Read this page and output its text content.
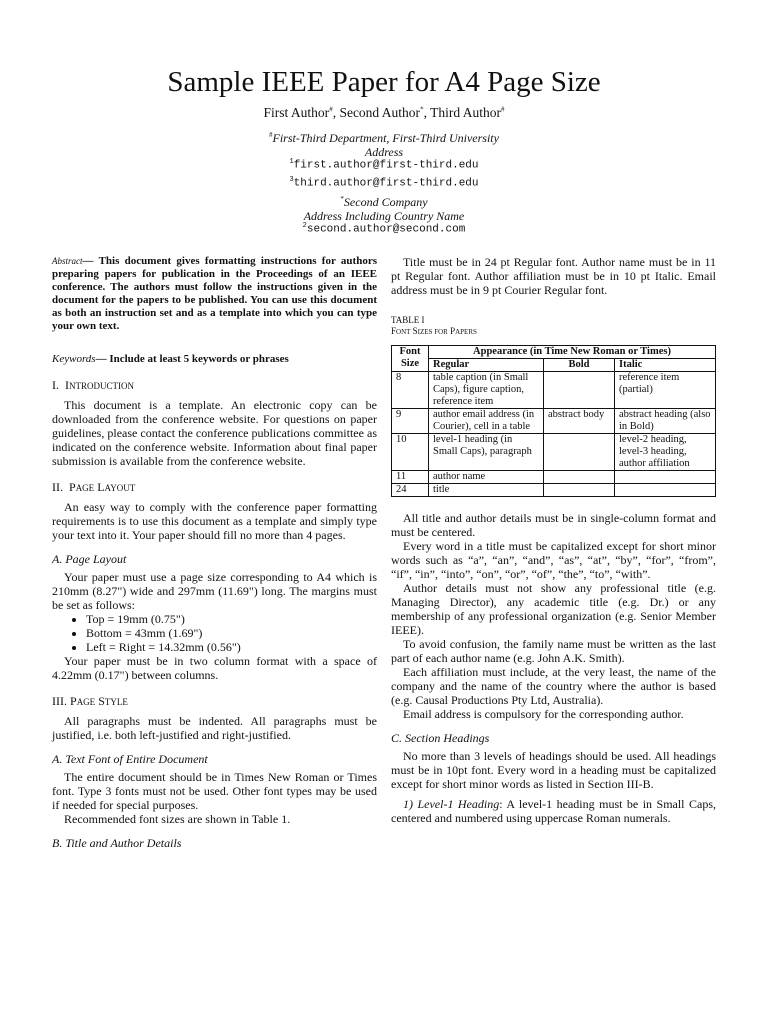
Sample IEEE Paper for A4 Page Size
First Author#, Second Author*, Third Author#
#First-Third Department, First-Third University
Address
$^1$first.author@first-third.edu
$^3$third.author@first-third.edu
*Second Company
Address Including Country Name
$^2$second.author@second.com

Abstract— This document gives formatting instructions for authors preparing papers for publication in the Proceedings of an IEEE conference. The authors must follow the instructions given in the document for the papers to be published. You can use this document as both an instruction set and as a template into which you can type your own text.

Keywords— Include at least 5 keywords or phrases

I. INTRODUCTION

This document is a template. An electronic copy can be downloaded from the conference website. For questions on paper guidelines, please contact the conference publications committee as indicated on the conference website. Information about final paper submission is available from the conference website.

II. PAGE LAYOUT

An easy way to comply with the conference paper formatting requirements is to use this document as a template and simply type your text into it. Your paper should fill no more than 4 pages.

A. Page Layout

Your paper must use a page size corresponding to A4 which is 210mm (8.27") wide and 297mm (11.69") long. The margins must be set as follows:

• Top = 19mm (0.75")
• Bottom = 43mm (1.69")
• Left = Right = 14.32mm (0.56")

Your paper must be in two column format with a space of 4.22mm (0.17") between columns.

III. PAGE STYLE

All paragraphs must be indented. All paragraphs must be justified, i.e. both left-justified and right-justified.

A. Text Font of Entire Document

The entire document should be in Times New Roman or Times font. Type 3 fonts must not be used. Other font types may be used if needed for special purposes.

Recommended font sizes are shown in Table 1.

B. Title and Author Details

Title must be in 24 pt Regular font. Author name must be in 11 pt Regular font. Author affiliation must be in 10 pt Italic. Email address must be in 9 pt Courier Regular font.

TABLE I

FONT SIZES FOR PAPERS

Font Size	Appearance (in Time New Roman or Times)		
	Regular	Bold	Italic
8	table caption (in Small Caps), figure caption, reference item		reference item (partial)
9	author email address (in Courier), cell in a table	abstract body	abstract heading (also in Bold)
10	level-1 heading (in Small Caps), paragraph		level-2 heading, level-3 heading, author affiliation
11	author name		
24	title		

All title and author details must be in single-column format and must be centered.

Every word in a title must be capitalized except for short minor words such as “a”, “an”, “and”, “as”, “at”, “by”, “for”, “from”, “if”, “in”, “into”, “on”, “or”, “of”, “the”, “to”, “with”.

Author details must not show any professional title (e.g. Managing Director), any academic title (e.g. Dr.) or any membership of any professional organization (e.g. Senior Member IEEE).

To avoid confusion, the family name must be written as the last part of each author name (e.g. John A.K. Smith).

Each affiliation must include, at the very least, the name of the company and the name of the country where the author is based (e.g. Causal Productions Pty Ltd, Australia).

Email address is compulsory for the corresponding author.

C. Section Headings

No more than 3 levels of headings should be used. All headings must be in 10pt font. Every word in a heading must be capitalized except for short minor words as listed in Section III-B.

1) Level-1 Heading: A level-1 heading must be in Small Caps, centered and numbered using uppercase Roman numerals.
